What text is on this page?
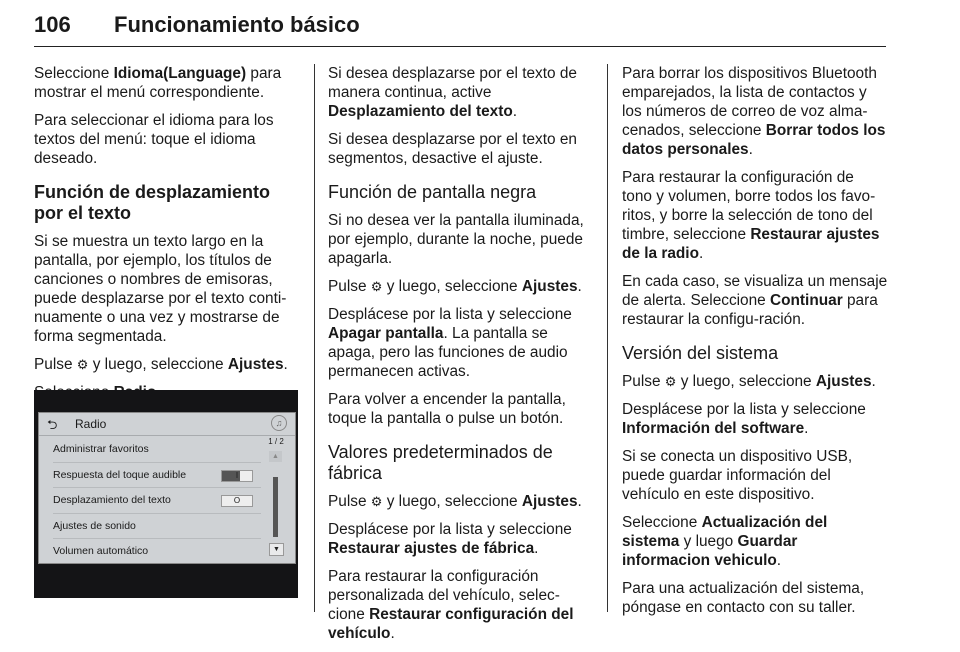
106 Funcionamiento básico

Seleccione Idioma(Language) para mostrar el menú correspondiente.

Para seleccionar el idioma para los textos del menú: toque el idioma deseado.

Función de desplazamiento por el texto

Si se muestra un texto largo en la pantalla, por ejemplo, los títulos de canciones o nombres de emisoras, puede desplazarse por el texto conti-nuamente o una vez y mostrarse de forma segmentada.

Pulse ⚙ y luego, seleccione Ajustes.

⮌ Radio	♫
Administrar favoritos
Respuesta del toque audible	I
Desplazamiento del texto	O
Ajustes de sonido
Volumen automático
1 / 2
▲
▼

Si desea desplazarse por el texto de manera continua, active Desplazamiento del texto.

Si desea desplazarse por el texto en segmentos, desactive el ajuste.

Función de pantalla negra

Si no desea ver la pantalla iluminada, por ejemplo, durante la noche, puede apagarla.

Pulse ⚙ y luego, seleccione Ajustes.

Desplácese por la lista y seleccione Apagar pantalla. La pantalla se apaga, pero las funciones de audio permanecen activas.

Para volver a encender la pantalla, toque la pantalla o pulse un botón.

Valores predeterminados de fábrica

Pulse ⚙ y luego, seleccione Ajustes.

Desplácese por la lista y seleccione Restaurar ajustes de fábrica.

Para restaurar la configuración personalizada del vehículo, selec-cione Restaurar configuración del vehículo.

Para borrar los dispositivos Bluetooth emparejados, la lista de contactos y los números de correo de voz alma-cenados, seleccione Borrar todos los datos personales.

Para restaurar la configuración de tono y volumen, borre todos los favo-ritos, y borre la selección de tono del timbre, seleccione Restaurar ajustes de la radio.

En cada caso, se visualiza un mensaje de alerta. Seleccione Continuar para restaurar la configu-ración.

Versión del sistema

Pulse ⚙ y luego, seleccione Ajustes.

Desplácese por la lista y seleccione Información del software.

Si se conecta un dispositivo USB, puede guardar información del vehículo en este dispositivo.

Seleccione Actualización del sistema y luego Guardar informacion vehiculo.

Para una actualización del sistema, póngase en contacto con su taller.
